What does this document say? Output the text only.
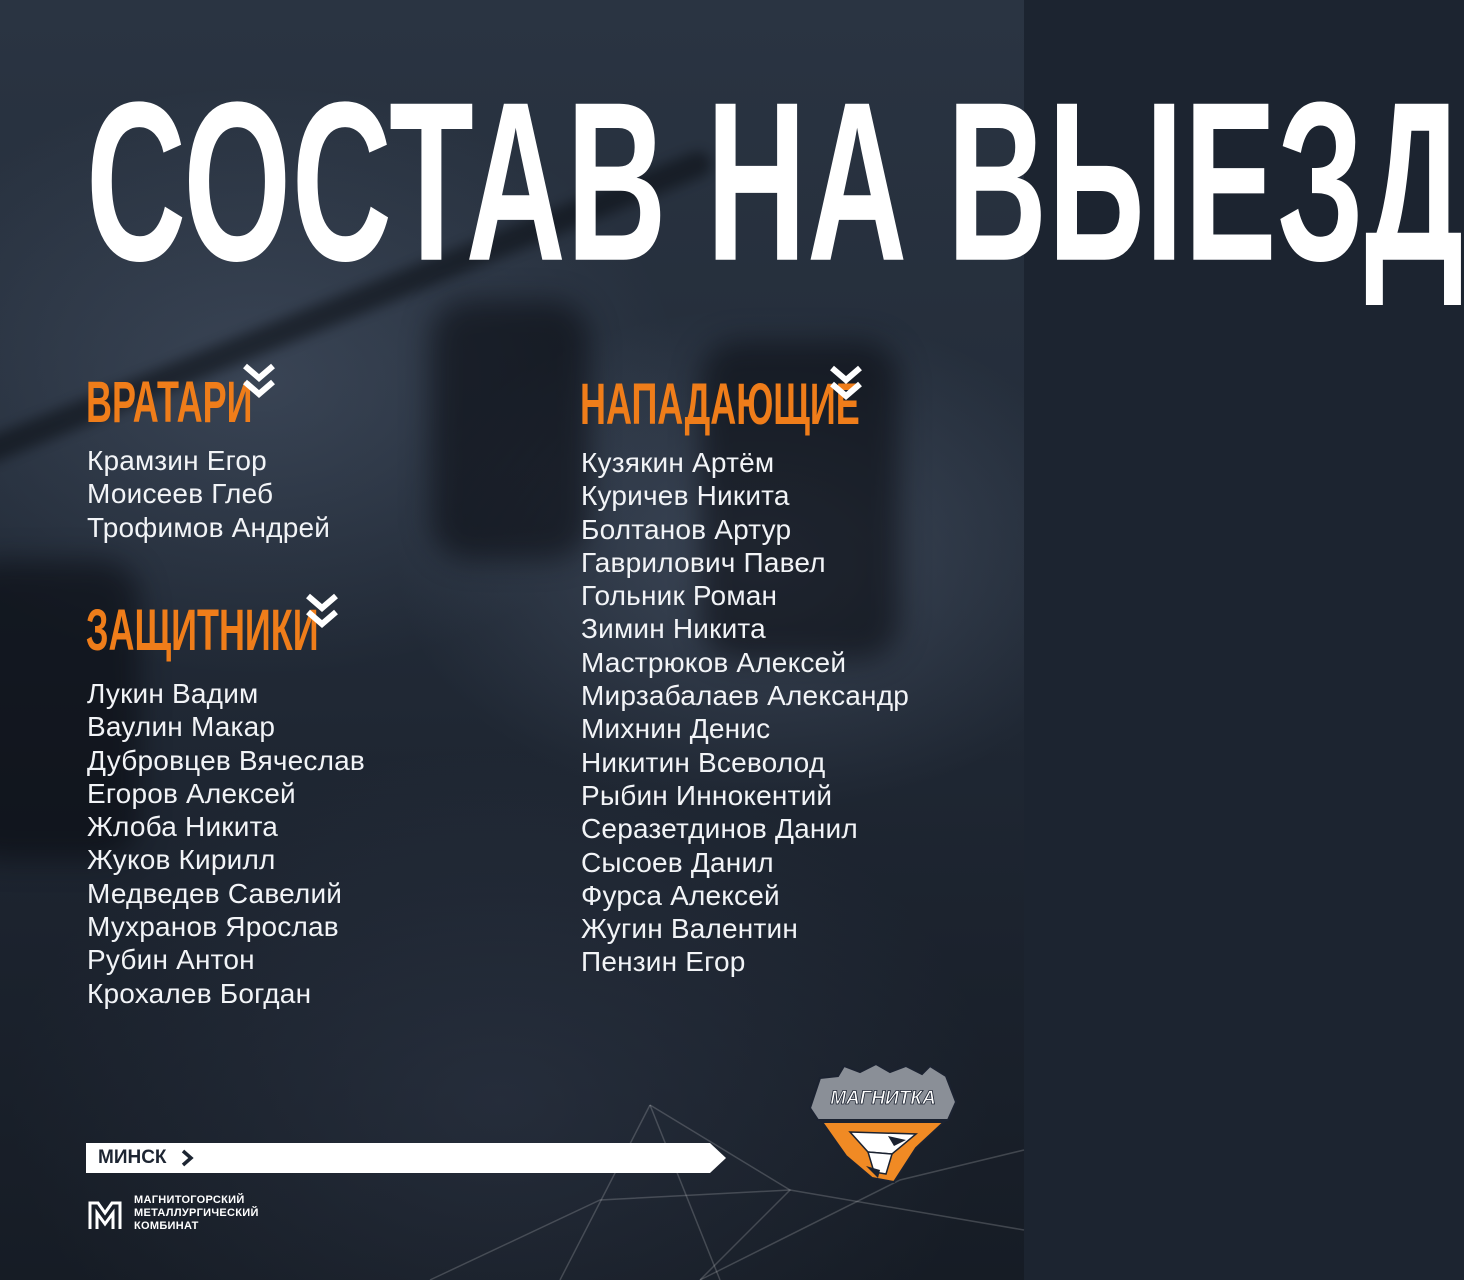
СОСТАВ НА ВЫЕЗД
ВРАТАРИ
Крамзин Егор
Моисеев Глеб
Трофимов Андрей
ЗАЩИТНИКИ
Лукин Вадим
Ваулин Макар
Дубровцев Вячеслав
Егоров Алексей
Жлоба Никита
Жуков Кирилл
Медведев Савелий
Мухранов Ярослав
Рубин Антон
Крохалев Богдан
НАПАДАЮЩИЕ
Кузякин Артём
Куричев Никита
Болтанов Артур
Гаврилович Павел
Гольник Роман
Зимин Никита
Мастрюков Алексей
Мирзабалаев Александр
Михнин Денис
Никитин Всеволод
Рыбин Иннокентий
Серазетдинов Данил
Сысоев Данил
Фурса Алексей
Жугин Валентин
Пензин Егор
МИНСК
МАГНИТОГОРСКИЙ
МЕТАЛЛУРГИЧЕСКИЙ
КОМБИНАТ
МАГНИТКА
